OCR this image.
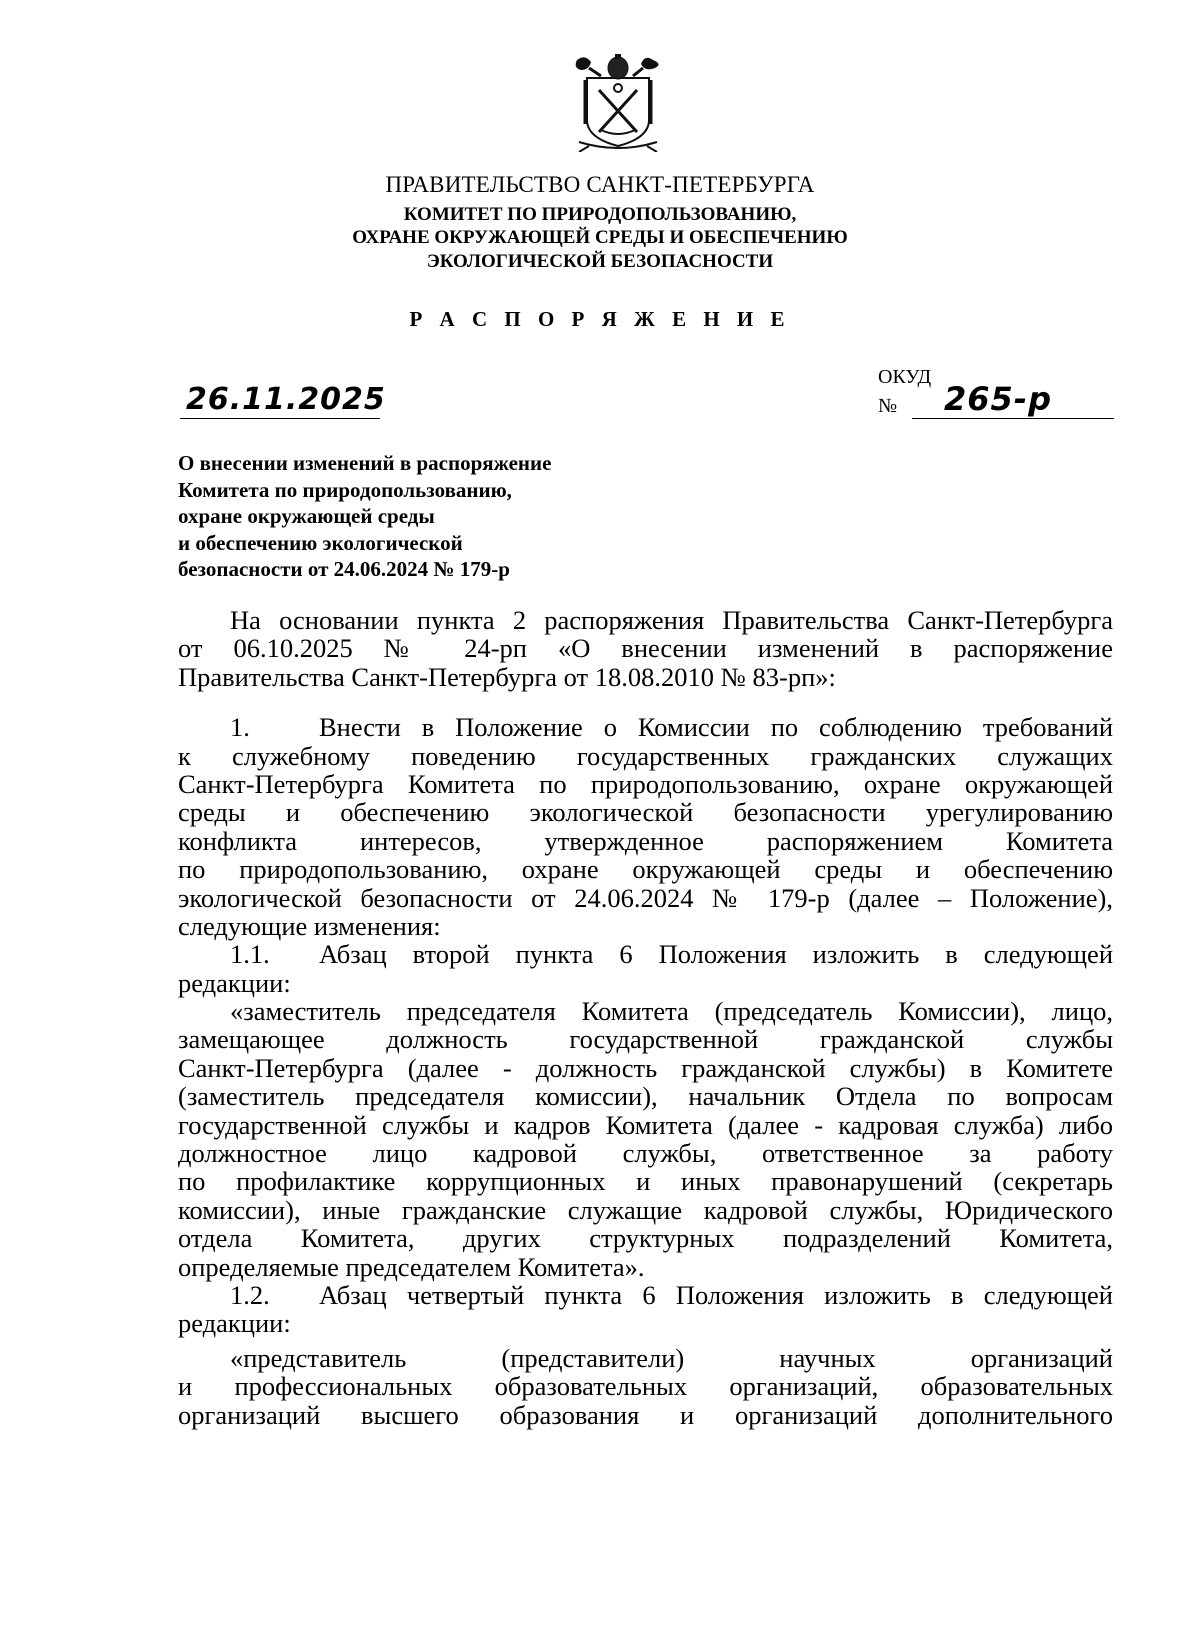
ПРАВИТЕЛЬСТВО САНКТ-ПЕТЕРБУРГА
КОМИТЕТ ПО ПРИРОДОПОЛЬЗОВАНИЮ,
ОХРАНЕ ОКРУЖАЮЩЕЙ СРЕДЫ И ОБЕСПЕЧЕНИЮ
ЭКОЛОГИЧЕСКОЙ БЕЗОПАСНОСТИ
Р А С П О Р Я Ж Е Н И Е
26.11.2025
ОКУД
№ 265-р
О внесении изменений в распоряжение
Комитета по природопользованию,
охране окружающей среды
и обеспечению экологической
безопасности от 24.06.2024 № 179-р
На основании пункта 2 распоряжения Правительства Санкт-Петербурга
от 06.10.2025 № 24-рп «О внесении изменений в распоряжение
Правительства Санкт-Петербурга от 18.08.2010 № 83-рп»:
1.	Внести в Положение о Комиссии по соблюдению требований
к служебному поведению государственных гражданских служащих
Санкт-Петербурга Комитета по природопользованию, охране окружающей
среды и обеспечению экологической безопасности урегулированию
конфликта интересов, утвержденное распоряжением Комитета
по природопользованию, охране окружающей среды и обеспечению
экологической безопасности от 24.06.2024 № 179-р (далее – Положение),
следующие изменения:
1.1. Абзац второй пункта 6 Положения изложить в следующей
редакции:
«заместитель председателя Комитета (председатель Комиссии), лицо,
замещающее должность государственной гражданской службы
Санкт-Петербурга (далее - должность гражданской службы) в Комитете
(заместитель председателя комиссии), начальник Отдела по вопросам
государственной службы и кадров Комитета (далее - кадровая служба) либо
должностное лицо кадровой службы, ответственное за работу
по профилактике коррупционных и иных правонарушений (секретарь
комиссии), иные гражданские служащие кадровой службы, Юридического
отдела Комитета, других структурных подразделений Комитета,
определяемые председателем Комитета».
1.2. Абзац четвертый пункта 6 Положения изложить в следующей
редакции:
«представитель (представители) научных организаций
и профессиональных образовательных организаций, образовательных
организаций высшего образования и организаций дополнительного
